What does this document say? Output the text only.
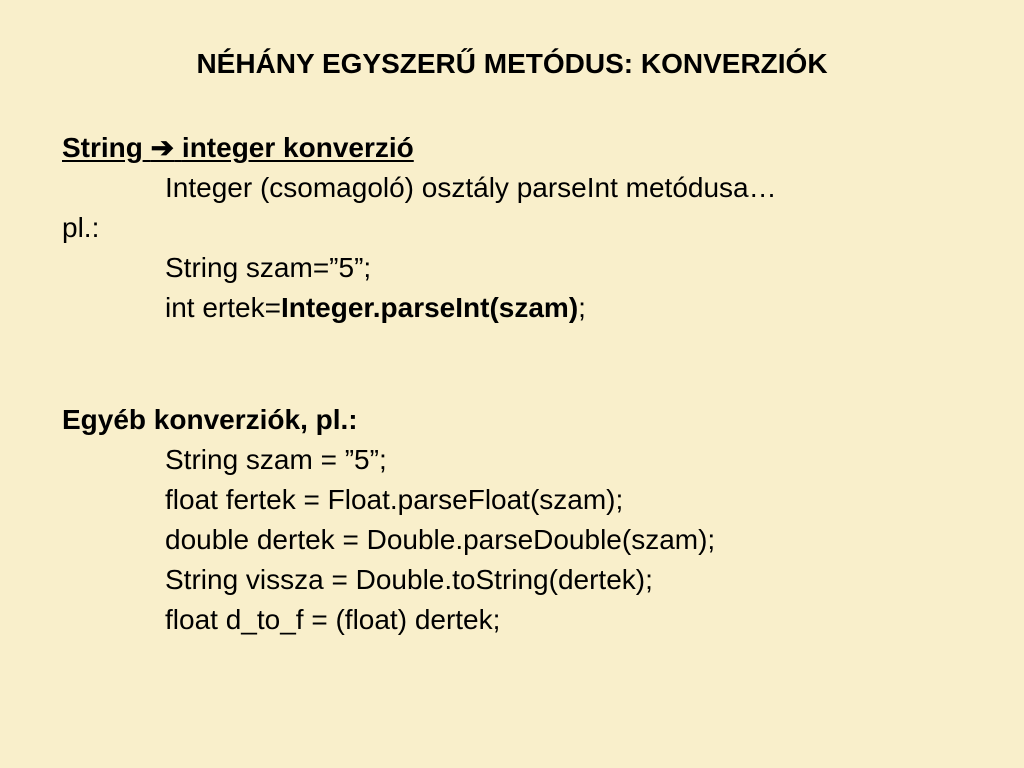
NÉHÁNY EGYSZERŰ METÓDUS: KONVERZIÓK
String ➔ integer konverzió
Integer (csomagoló) osztály parseInt metódusa…
pl.:
String szam=”5”;
int ertek=Integer.parseInt(szam);
Egyéb konverziók, pl.:
String szam = ”5”;
float fertek = Float.parseFloat(szam);
double dertek = Double.parseDouble(szam);
String vissza = Double.toString(dertek);
float d_to_f = (float) dertek;
